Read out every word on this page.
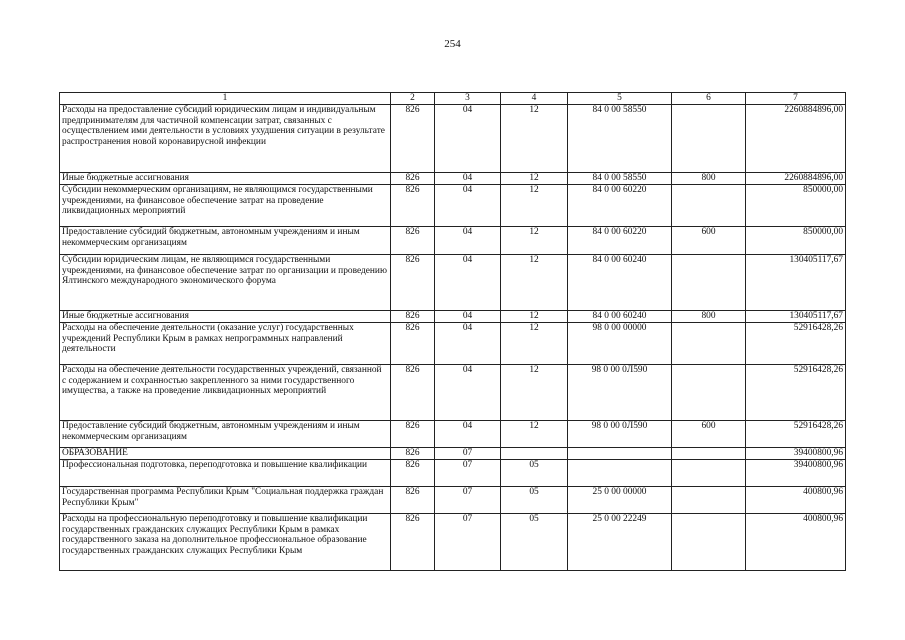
254
1	2	3	4	5	6	7
Расходы на предоставление субсидий юридическим лицам и индивидуальным предпринимателям для частичной компенсации затрат, связанных с осуществлением ими деятельности в условиях ухудшения ситуации в результате распространения новой коронавирусной инфекции	826	04	12	84 0 00 58550		2260884896,00
Иные бюджетные ассигнования	826	04	12	84 0 00 58550	800	2260884896,00
Субсидии некоммерческим организациям, не являющимся государственными учреждениями, на финансовое обеспечение затрат на проведение ликвидационных мероприятий	826	04	12	84 0 00 60220		850000,00
Предоставление субсидий бюджетным, автономным учреждениям и иным некоммерческим организациям	826	04	12	84 0 00 60220	600	850000,00
Субсидии юридическим лицам, не являющимся государственными учреждениями, на финансовое обеспечение затрат по организации и проведению Ялтинского международного экономического форума	826	04	12	84 0 00 60240		130405117,67
Иные бюджетные ассигнования	826	04	12	84 0 00 60240	800	130405117,67
Расходы на обеспечение деятельности (оказание услуг) государственных учреждений Республики Крым в рамках непрограммных направлений деятельности	826	04	12	98 0 00 00000		52916428,26
Расходы на обеспечение деятельности государственных учреждений, связанной с содержанием и сохранностью закрепленного за ними государственного имущества, а также на проведение ликвидационных мероприятий	826	04	12	98 0 00 0Л590		52916428,26
Предоставление субсидий бюджетным, автономным учреждениям и иным некоммерческим организациям	826	04	12	98 0 00 0Л590	600	52916428,26
ОБРАЗОВАНИЕ	826	07				39400800,96
Профессиональная подготовка, переподготовка и повышение квалификации	826	07	05			39400800,96
Государственная программа Республики Крым "Социальная поддержка граждан Республики Крым"	826	07	05	25 0 00 00000		400800,96
Расходы на профессиональную переподготовку и повышение квалификации государственных гражданских служащих Республики Крым в рамках государственного заказа на дополнительное профессиональное образование государственных гражданских служащих Республики Крым	826	07	05	25 0 00 22249		400800,96
